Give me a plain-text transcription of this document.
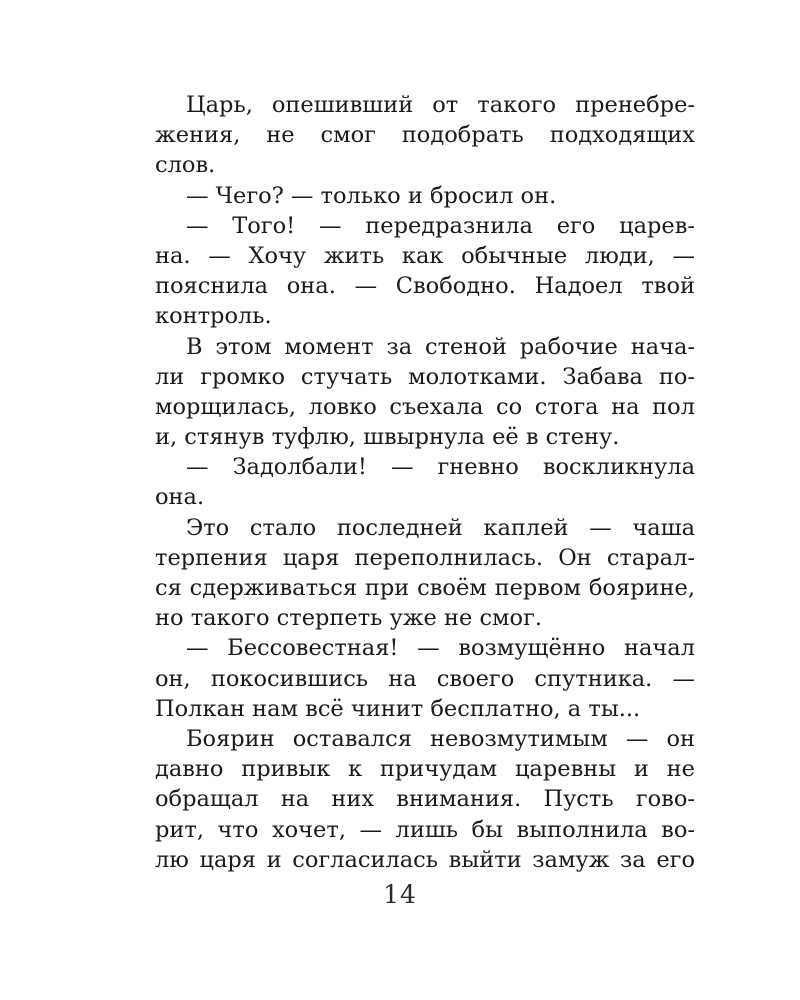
Царь, опешивший от такого пренебре-
жения, не смог подобрать подходящих
слов.
— Чего? — только и бросил он.
— Того! — передразнила его царев-
на. — Хочу жить как обычные люди, —
пояснила она. — Свободно. Надоел твой
контроль.
В этом момент за стеной рабочие нача-
ли громко стучать молотками. Забава по-
морщилась, ловко съехала со стога на пол
и, стянув туфлю, швырнула её в стену.
— Задолбали! — гневно воскликнула
она.
Это стало последней каплей — чаша
терпения царя переполнилась. Он старал-
ся сдерживаться при своём первом боярине,
но такого стерпеть уже не смог.
— Бессовестная! — возмущённо начал
он, покосившись на своего спутника. —
Полкан нам всё чинит бесплатно, а ты...
Боярин оставался невозмутимым — он
давно привык к причудам царевны и не
обращал на них внимания. Пусть гово-
рит, что хочет, — лишь бы выполнила во-
лю царя и согласилась выйти замуж за его
14
